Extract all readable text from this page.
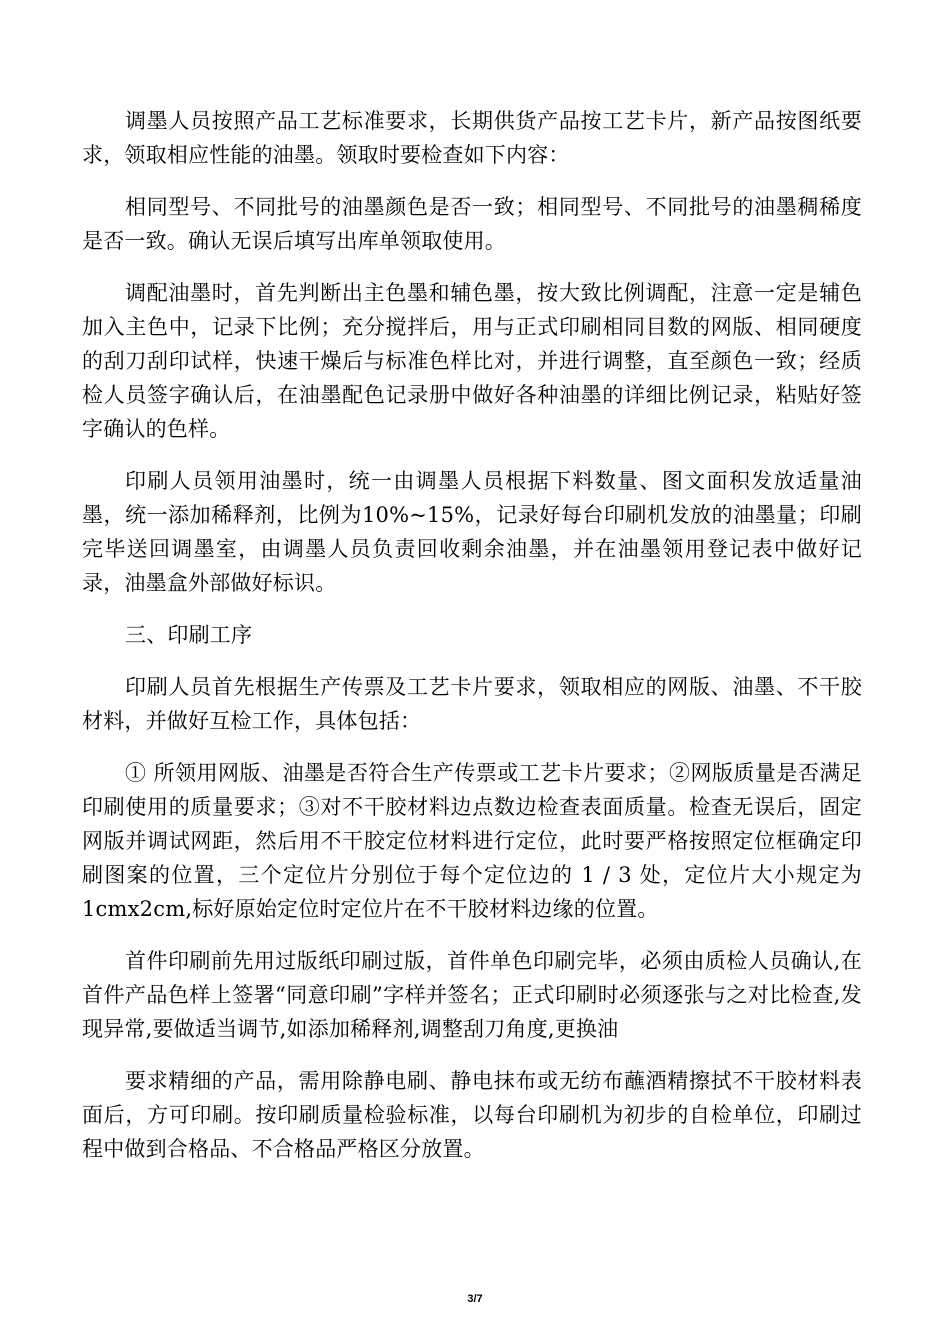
调墨人员按照产品工艺标准要求，长期供货产品按工艺卡片，新产品按图纸要求，领取相应性能的油墨。领取时要检查如下内容：

相同型号、不同批号的油墨颜色是否一致；相同型号、不同批号的油墨稠稀度是否一致。确认无误后填写出库单领取使用。

调配油墨时，首先判断出主色墨和辅色墨，按大致比例调配，注意一定是辅色加入主色中，记录下比例；充分搅拌后，用与正式印刷相同目数的网版、相同硬度的刮刀刮印试样，快速干燥后与标准色样比对，并进行调整，直至颜色一致；经质检人员签字确认后，在油墨配色记录册中做好各种油墨的详细比例记录，粘贴好签字确认的色样。

印刷人员领用油墨时，统一由调墨人员根据下料数量、图文面积发放适量油墨，统一添加稀释剂，比例为10%~15%，记录好每台印刷机发放的油墨量；印刷完毕送回调墨室，由调墨人员负责回收剩余油墨，并在油墨领用登记表中做好记录，油墨盒外部做好标识。

三、印刷工序

印刷人员首先根据生产传票及工艺卡片要求，领取相应的网版、油墨、不干胶材料，并做好互检工作，具体包括：

① 所领用网版、油墨是否符合生产传票或工艺卡片要求；②网版质量是否满足印刷使用的质量要求；③对不干胶材料边点数边检查表面质量。检查无误后，固定网版并调试网距，然后用不干胶定位材料进行定位，此时要严格按照定位框确定印刷图案的位置，三个定位片分别位于每个定位边的 1 / 3 处，定位片大小规定为 1cmx2cm,标好原始定位时定位片在不干胶材料边缘的位置。

首件印刷前先用过版纸印刷过版，首件单色印刷完毕，必须由质检人员确认,在首件产品色样上签署“同意印刷”字样并签名；正式印刷时必须逐张与之对比检查,发现异常,要做适当调节,如添加稀释剂,调整刮刀角度,更换油

要求精细的产品，需用除静电刷、静电抹布或无纺布蘸酒精擦拭不干胶材料表面后，方可印刷。按印刷质量检验标准，以每台印刷机为初步的自检单位，印刷过程中做到合格品、不合格品严格区分放置。

3/7
